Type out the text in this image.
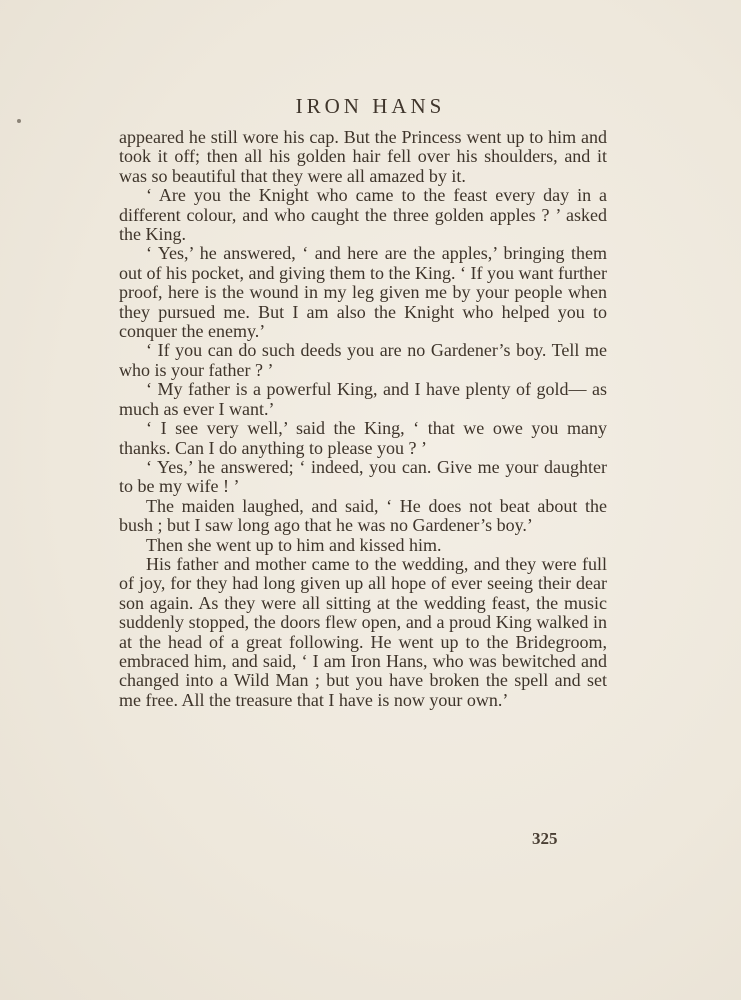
IRON HANS

appeared he still wore his cap. But the Princess went up to him and took it off; then all his golden hair fell over his shoulders, and it was so beautiful that they were all amazed by it.

‘ Are you the Knight who came to the feast every day in a different colour, and who caught the three golden apples ? ’ asked the King.

‘ Yes,’ he answered, ‘ and here are the apples,’ bringing them out of his pocket, and giving them to the King. ‘ If you want further proof, here is the wound in my leg given me by your people when they pursued me. But I am also the Knight who helped you to conquer the enemy.’

‘ If you can do such deeds you are no Gardener’s boy. Tell me who is your father ? ’

‘ My father is a powerful King, and I have plenty of gold— as much as ever I want.’

‘ I see very well,’ said the King, ‘ that we owe you many thanks. Can I do anything to please you ? ’

‘ Yes,’ he answered; ‘ indeed, you can. Give me your daughter to be my wife ! ’

The maiden laughed, and said, ‘ He does not beat about the bush ; but I saw long ago that he was no Gardener’s boy.’

Then she went up to him and kissed him.

His father and mother came to the wedding, and they were full of joy, for they had long given up all hope of ever seeing their dear son again. As they were all sitting at the wedding feast, the music suddenly stopped, the doors flew open, and a proud King walked in at the head of a great following. He went up to the Bridegroom, embraced him, and said, ‘ I am Iron Hans, who was bewitched and changed into a Wild Man ; but you have broken the spell and set me free. All the treasure that I have is now your own.’

325
